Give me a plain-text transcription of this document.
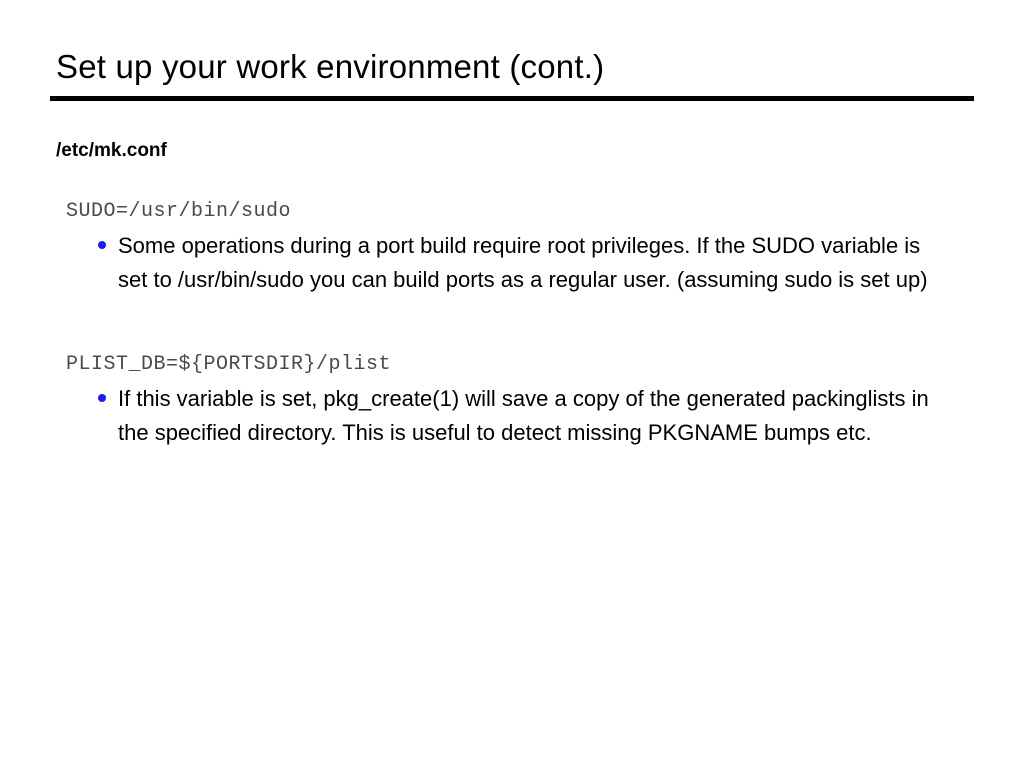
Set up your work environment (cont.)
/etc/mk.conf
SUDO=/usr/bin/sudo
Some operations during a port build require root privileges. If the SUDO variable is set to /usr/bin/sudo you can build ports as a regular user. (assuming sudo is set up)
PLIST_DB=${PORTSDIR}/plist
If this variable is set, pkg_create(1) will save a copy of the generated packinglists in the specified directory. This is useful to detect missing PKGNAME bumps etc.
